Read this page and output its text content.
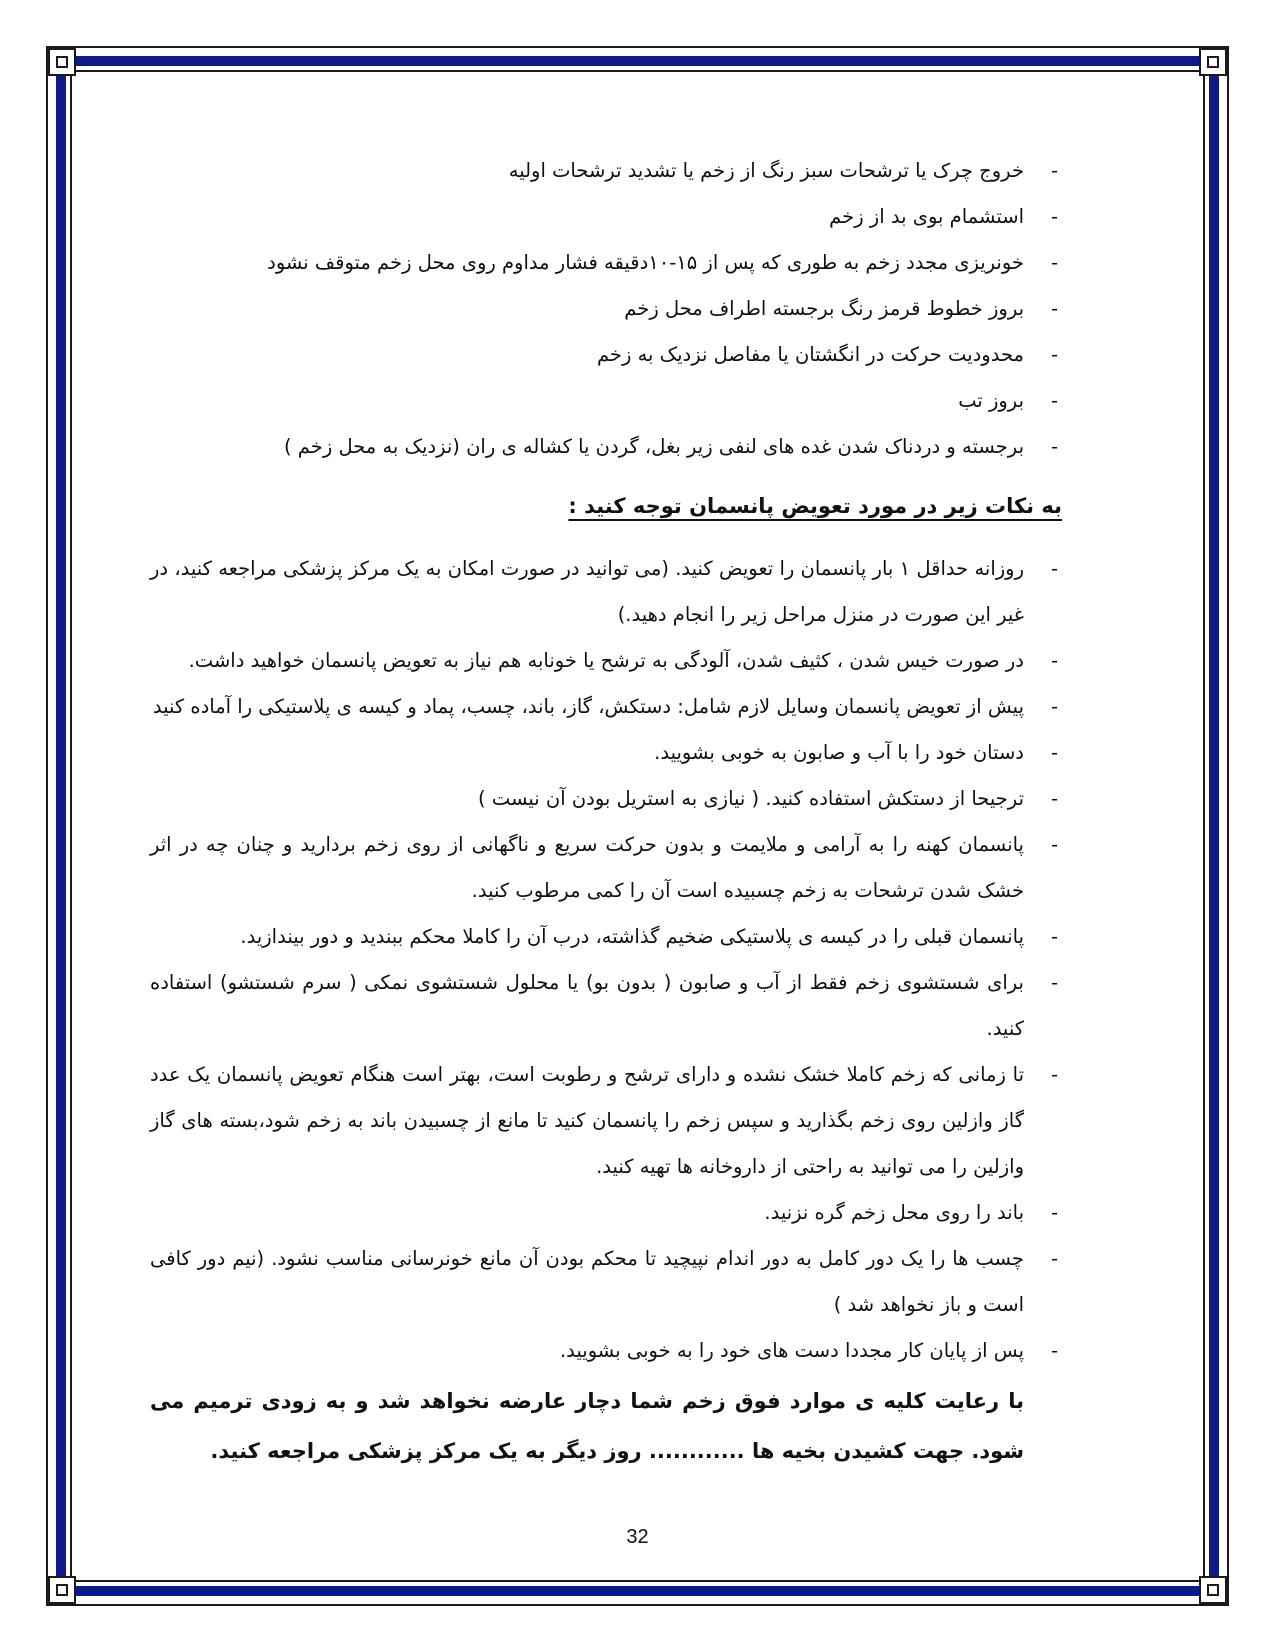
-
خروج چرک یا ترشحات سبز رنگ از زخم یا تشدید ترشحات اولیه
-
استشمام بوی بد از زخم
-
خونریزی مجدد زخم به طوری که پس از ۱۵-۱۰دقیقه فشار مداوم روی محل زخم متوقف نشود
-
بروز خطوط قرمز رنگ برجسته اطراف محل زخم
-
محدودیت حرکت در انگشتان یا مفاصل نزدیک به زخم
-
بروز تب
-
برجسته و دردناک شدن غده های لنفی زیر بغل، گردن یا کشاله ی ران (نزدیک به محل زخم )
به نکات زیر در مورد تعویض پانسمان توجه کنید :
-
روزانه حداقل ۱ بار پانسمان را تعویض کنید. (می توانید در صورت امکان به یک مرکز پزشکی مراجعه کنید، در غیر این صورت در منزل مراحل زیر را انجام دهید.)
-
در صورت خیس شدن ، کثیف شدن، آلودگی به ترشح یا خونابه هم نیاز به تعویض پانسمان خواهید داشت.
-
پیش از تعویض پانسمان وسایل لازم شامل: دستکش، گاز، باند، چسب، پماد و کیسه ی پلاستیکی را آماده کنید
-
دستان خود را با آب و صابون به خوبی بشویید.
-
ترجیحا از دستکش استفاده کنید. ( نیازی به استریل بودن آن نیست )
-
پانسمان کهنه را به آرامی و ملایمت و بدون حرکت سریع و ناگهانی از روی زخم بردارید و چنان چه در اثر خشک شدن ترشحات به زخم چسبیده است آن را کمی مرطوب کنید.
-
پانسمان قبلی را در کیسه ی پلاستیکی ضخیم گذاشته، درب آن را کاملا محکم ببندید و دور بیندازید.
-
برای شستشوی زخم فقط از آب و صابون ( بدون بو) یا محلول شستشوی نمکی ( سرم شستشو) استفاده کنید.
-
تا زمانی که زخم کاملا خشک نشده و دارای ترشح و رطوبت است، بهتر است هنگام تعویض پانسمان یک عدد گاز وازلین روی زخم بگذارید و سپس زخم را پانسمان کنید تا مانع از چسبیدن باند به زخم شود،بسته های گاز وازلین را می توانید به راحتی از داروخانه ها تهیه کنید.
-
باند را روی محل زخم گره نزنید.
-
چسب ها را یک دور کامل به دور اندام نپیچید تا محکم بودن آن مانع خونرسانی مناسب نشود. (نیم دور کافی است و باز نخواهد شد )
-
پس از پایان کار مجددا دست های خود را به خوبی بشویید.
با رعایت کلیه ی موارد فوق زخم شما دچار عارضه نخواهد شد و به زودی ترمیم می شود. جهت کشیدن بخیه ها ............ روز دیگر به یک مرکز پزشکی مراجعه کنید.
32
